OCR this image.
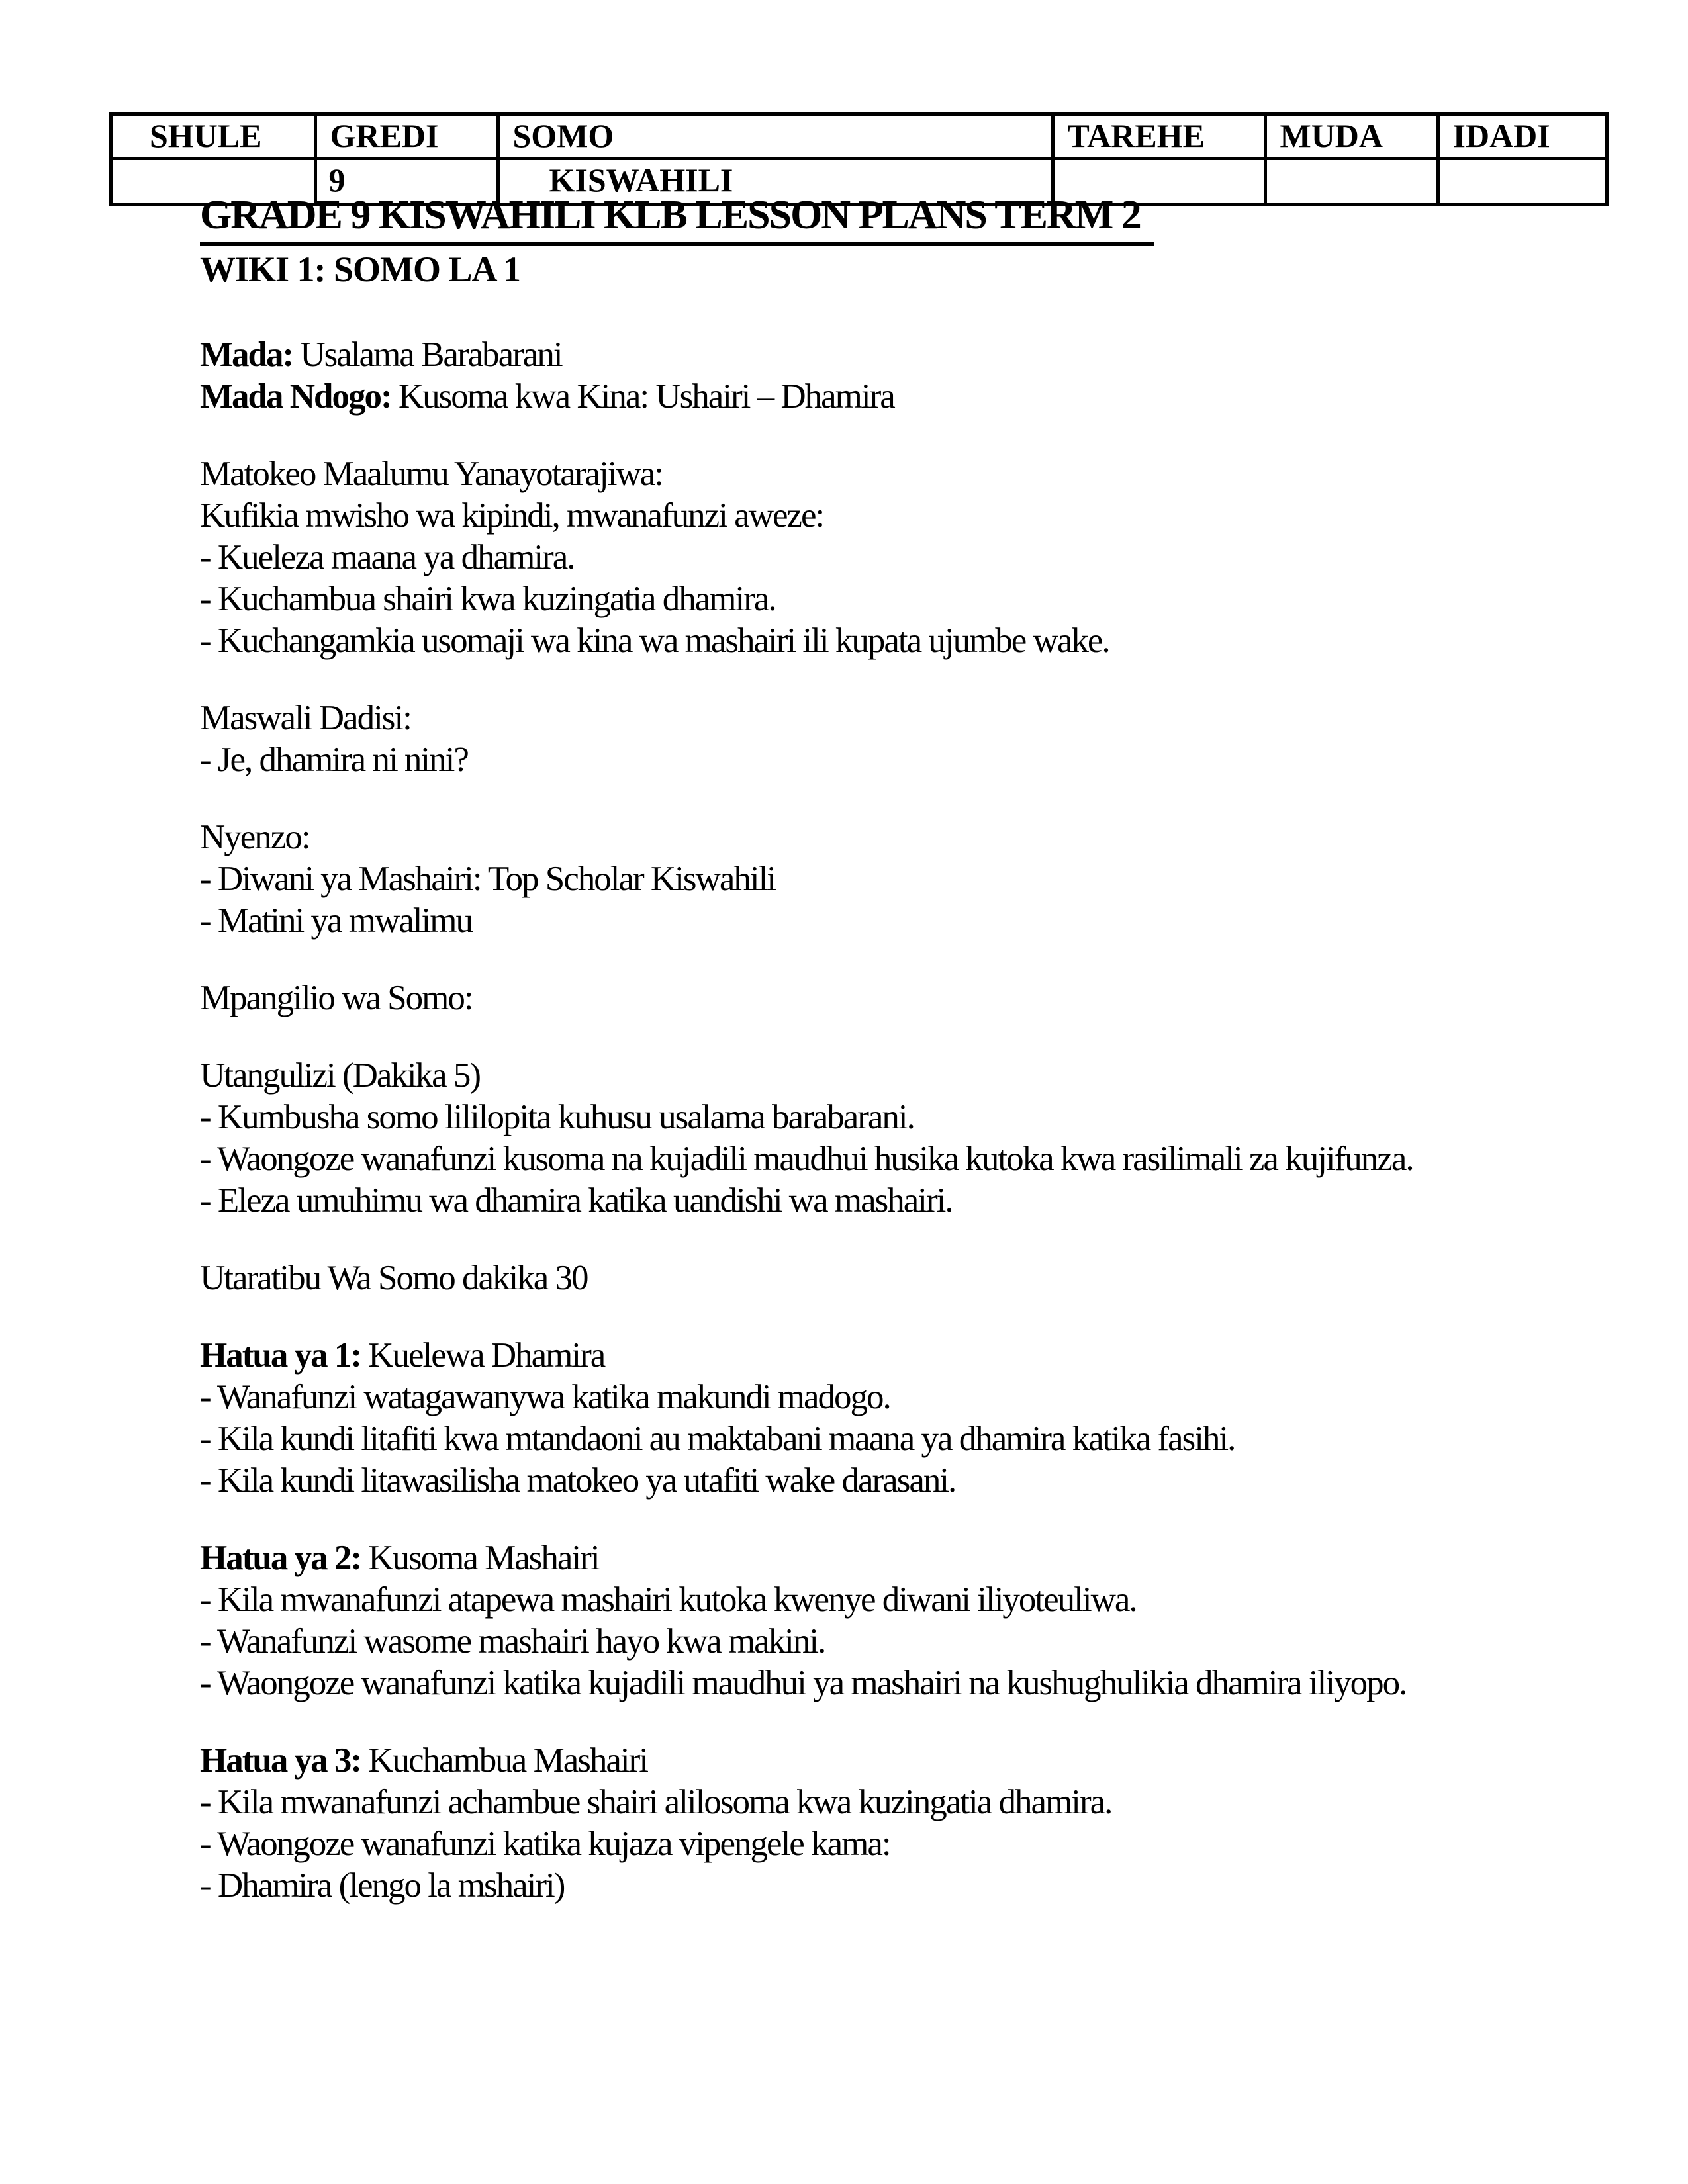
SHULE	GREDI	SOMO	TAREHE	MUDA	IDADI
	9	KISWAHILI			
GRADE 9 KISWAHILI KLB LESSON PLANS TERM 2
WIKI 1: SOMO LA 1
Mada: Usalama Barabarani
Mada Ndogo: Kusoma kwa Kina: Ushairi – Dhamira
Matokeo Maalumu Yanayotarajiwa:
Kufikia mwisho wa kipindi, mwanafunzi aweze:
- Kueleza maana ya dhamira.
- Kuchambua shairi kwa kuzingatia dhamira.
- Kuchangamkia usomaji wa kina wa mashairi ili kupata ujumbe wake.
Maswali Dadisi:
- Je, dhamira ni nini?
Nyenzo:
- Diwani ya Mashairi: Top Scholar Kiswahili
- Matini ya mwalimu
Mpangilio wa Somo:
Utangulizi (Dakika 5)
- Kumbusha somo lililopita kuhusu usalama barabarani.
- Waongoze wanafunzi kusoma na kujadili maudhui husika kutoka kwa rasilimali za kujifunza.
- Eleza umuhimu wa dhamira katika uandishi wa mashairi.
Utaratibu Wa Somo dakika 30
Hatua ya 1: Kuelewa Dhamira
- Wanafunzi watagawanywa katika makundi madogo.
- Kila kundi litafiti kwa mtandaoni au maktabani maana ya dhamira katika fasihi.
- Kila kundi litawasilisha matokeo ya utafiti wake darasani.
Hatua ya 2: Kusoma Mashairi
- Kila mwanafunzi atapewa mashairi kutoka kwenye diwani iliyoteuliwa.
- Wanafunzi wasome mashairi hayo kwa makini.
- Waongoze wanafunzi katika kujadili maudhui ya mashairi na kushughulikia dhamira iliyopo.
Hatua ya 3: Kuchambua Mashairi
- Kila mwanafunzi achambue shairi alilosoma kwa kuzingatia dhamira.
- Waongoze wanafunzi katika kujaza vipengele kama:
- Dhamira (lengo la mshairi)
